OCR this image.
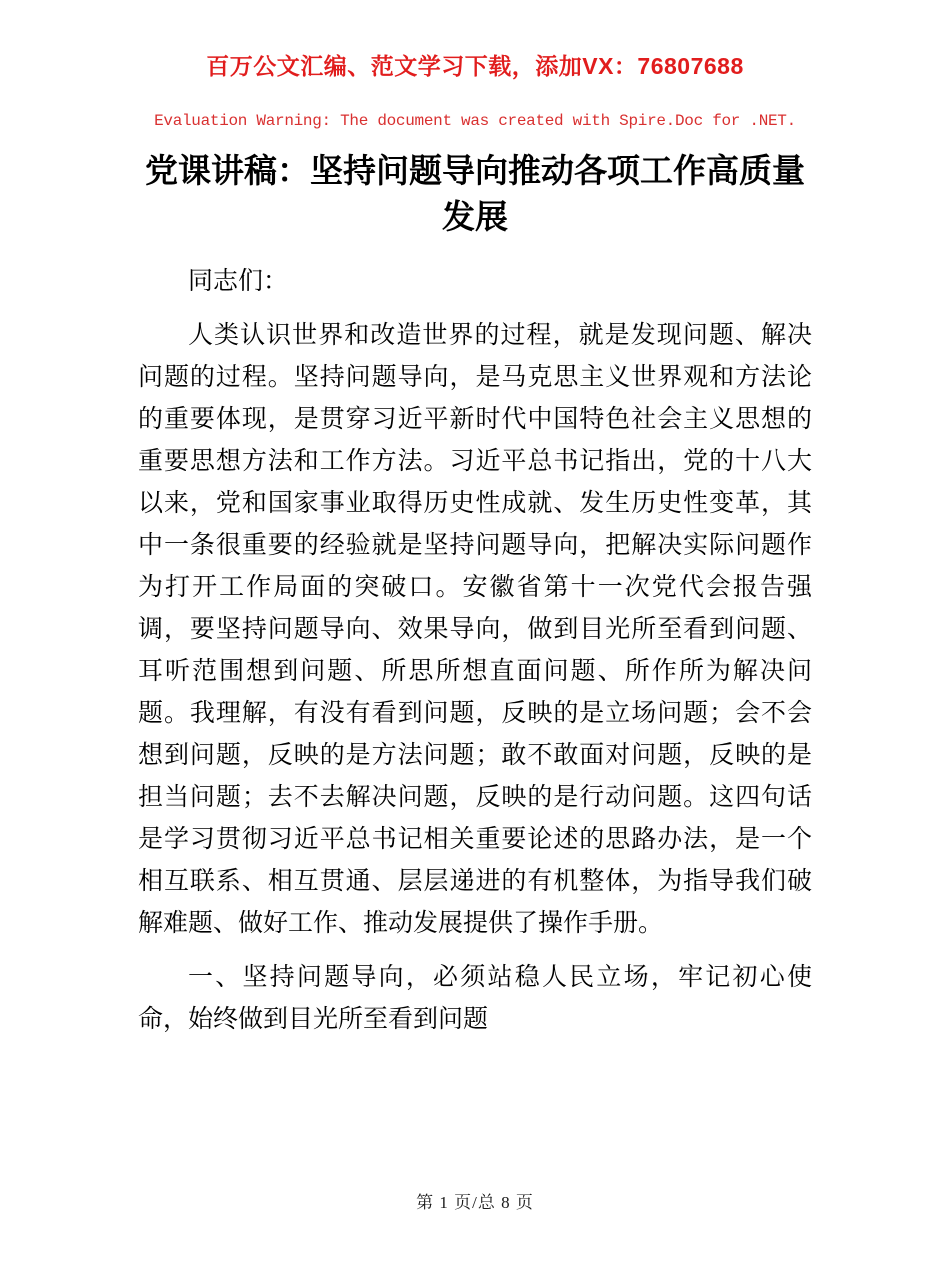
百万公文汇编、范文学习下载，添加VX：76807688
Evaluation Warning: The document was created with Spire.Doc for .NET.
党课讲稿：坚持问题导向推动各项工作高质量发展

同志们：

人类认识世界和改造世界的过程，就是发现问题、解决问题的过程。坚持问题导向，是马克思主义世界观和方法论的重要体现，是贯穿习近平新时代中国特色社会主义思想的重要思想方法和工作方法。习近平总书记指出，党的十八大以来，党和国家事业取得历史性成就、发生历史性变革，其中一条很重要的经验就是坚持问题导向，把解决实际问题作为打开工作局面的突破口。安徽省第十一次党代会报告强调，要坚持问题导向、效果导向，做到目光所至看到问题、耳听范围想到问题、所思所想直面问题、所作所为解决问题。我理解，有没有看到问题，反映的是立场问题；会不会想到问题，反映的是方法问题；敢不敢面对问题，反映的是担当问题；去不去解决问题，反映的是行动问题。这四句话是学习贯彻习近平总书记相关重要论述的思路办法，是一个相互联系、相互贯通、层层递进的有机整体，为指导我们破解难题、做好工作、推动发展提供了操作手册。

一、坚持问题导向，必须站稳人民立场，牢记初心使命，始终做到目光所至看到问题

第 1 页/总 8 页
